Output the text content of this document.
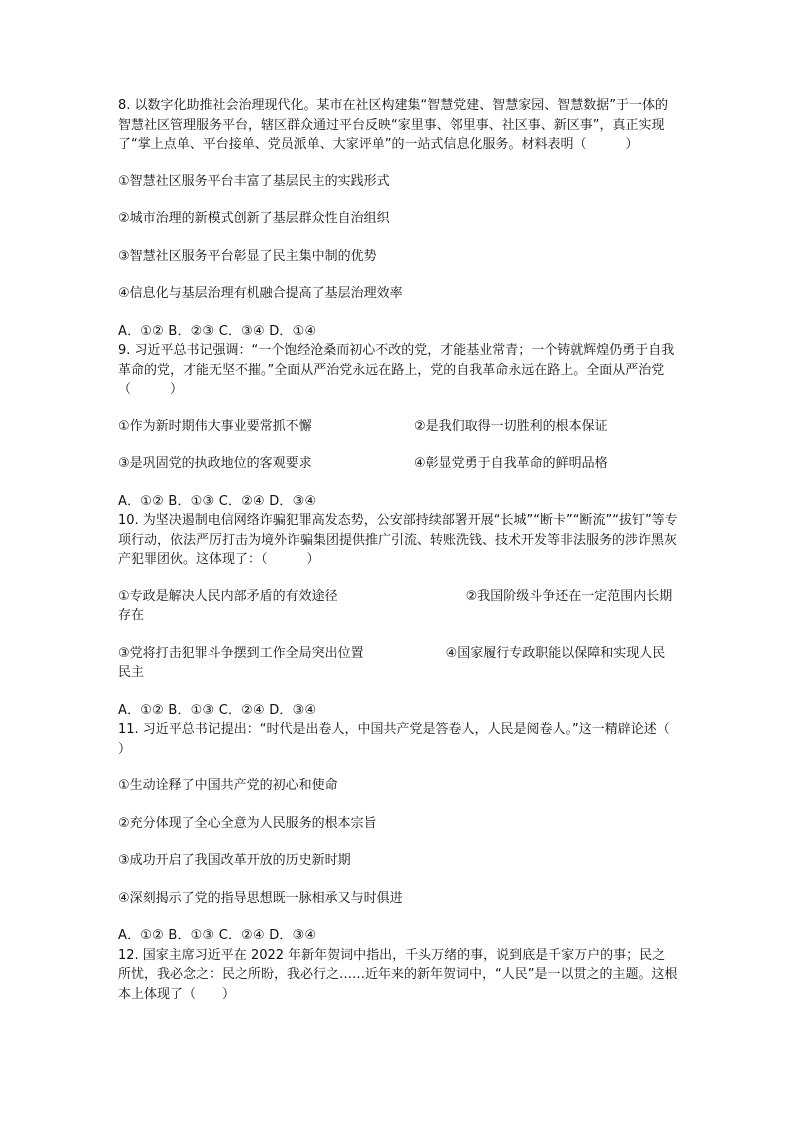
8. 以数字化助推社会治理现代化。某市在社区构建集“智慧党建、智慧家园、智慧数据”于一体的智慧社区管理服务平台，辖区群众通过平台反映“家里事、邻里事、社区事、新区事”，真正实现了“掌上点单、平台接单、党员派单、大家评单”的一站式信息化服务。材料表明（　　　）

①智慧社区服务平台丰富了基层民主的实践形式

②城市治理的新模式创新了基层群众性自治组织

③智慧社区服务平台彰显了民主集中制的优势

④信息化与基层治理有机融合提高了基层治理效率

A．①② B．②③ C．③④ D．①④

9. 习近平总书记强调：“一个饱经沧桑而初心不改的党，才能基业常青；一个铸就辉煌仍勇于自我革命的党，才能无坚不摧。”全面从严治党永远在路上，党的自我革命永远在路上。全面从严治党（　　　）

①作为新时期伟大事业要常抓不懈	②是我们取得一切胜利的根本保证
③是巩固党的执政地位的客观要求	④彰显党勇于自我革命的鲜明品格

A．①② B．①③ C．②④ D．③④

10. 为坚决遏制电信网络诈骗犯罪高发态势，公安部持续部署开展“长城”“断卡”“断流”“拔钉”等专项行动，依法严厉打击为境外诈骗集团提供推广引流、转账洗钱、技术开发等非法服务的涉诈黑灰产犯罪团伙。这体现了：（　　　）

①专政是解决人民内部矛盾的有效途径	②我国阶级斗争还在一定范围内长期存在

③党将打击犯罪斗争摆到工作全局突出位置	④国家履行专政职能以保障和实现人民民主

A．①② B．①③ C．②④ D．③④

11. 习近平总书记提出：“时代是出卷人，中国共产党是答卷人，人民是阅卷人。”这一精辟论述（ ）

①生动诠释了中国共产党的初心和使命

②充分体现了全心全意为人民服务的根本宗旨

③成功开启了我国改革开放的历史新时期

④深刻揭示了党的指导思想既一脉相承又与时俱进

A．①② B．①③ C．②④ D．③④

12. 国家主席习近平在 2022 年新年贺词中指出，千头万绪的事，说到底是千家万户的事；民之所忧，我必念之：民之所盼，我必行之……近年来的新年贺词中，“人民”是一以贯之的主题。这根本上体现了（　　）
